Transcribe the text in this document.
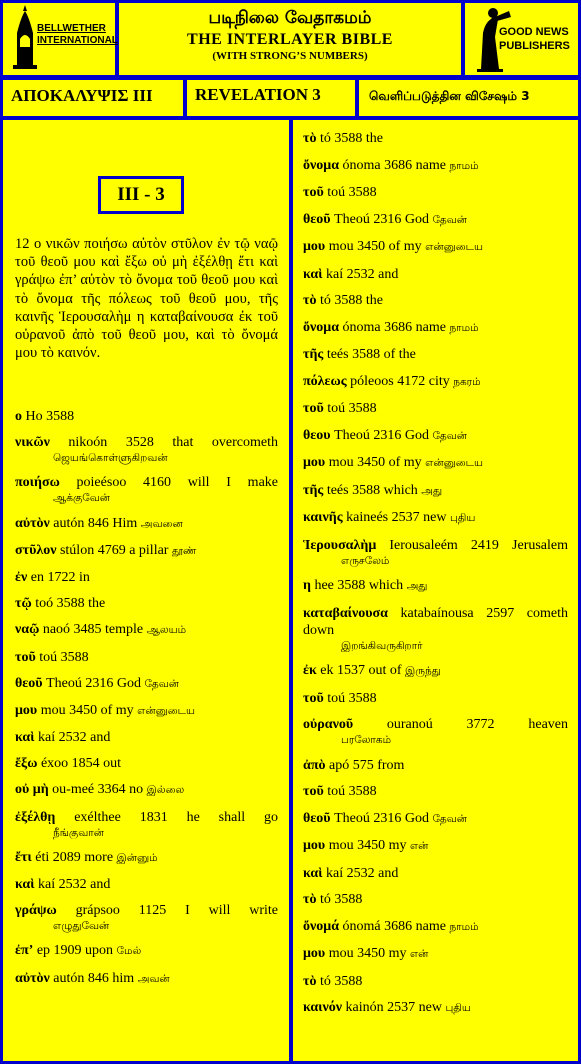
BELLWETHER INTERNATIONAL
படிநிலை வேதாகமம்
THE INTERLAYER BIBLE
(WITH STRONG’S NUMBERS)
GOOD NEWS PUBLISHERS
ΑΠΟΚΑΛΥΨΙΣ III	REVELATION 3	வெளிப்படுத்தின விசேஷம் 3
III - 3
12 ο νικῶν ποιήσω αὐτὸν στῦλον ἐν τῷ ναῷ τοῦ θεοῦ μου καὶ ἔξω οὐ μὴ ἐξέλθῃ ἔτι καὶ γράψω ἐπ’ αὐτὸν τὸ ὄνομα τοῦ θεοῦ μου καὶ τὸ ὄνομα τῆς πόλεως τοῦ θεοῦ μου, τῆς καινῆς Ἱερουσαλὴμ η καταβαίνουσα ἐκ τοῦ οὐρανοῦ ἀπὸ τοῦ θεοῦ μου, καὶ τὸ ὄνομά μου τὸ καινόν.
ο Ho 3588
νικῶν nikoón 3528 that overcometh
ஜெயங்கொள்ளுகிறவன்
ποιήσω poieésoo 4160 will I make
ஆக்குவேன்
αὐτὸν autón 846 Him அவனை
στῦλον stúlon 4769 a pillar தூண்
ἐν en 1722 in
τῷ toó 3588 the
ναῷ naoó 3485 temple ஆலயம்
τοῦ toú 3588
θεοῦ Theoú 2316 God தேவன்
μου mou 3450 of my என்னுடைய
καὶ kaí 2532 and
ἔξω éxoo 1854 out
οὐ μὴ ou-meé 3364 no இல்லை
ἐξέλθῃ exélthee 1831 he shall go
நீங்குவான்
ἔτι éti 2089 more இன்னும்
καὶ kaí 2532 and
γράψω grápsoo 1125 I will write
எழுதுவேன்
ἐπ’ ep 1909 upon மேல்
αὐτὸν autón 846 him அவன்
τὸ tó 3588 the
ὄνομα ónoma 3686 name நாமம்
τοῦ toú 3588
θεοῦ Theoú 2316 God தேவன்
μου mou 3450 of my என்னுடைய
καὶ kaí 2532 and
τὸ tó 3588 the
ὄνομα ónoma 3686 name நாமம்
τῆς teés 3588 of the
πόλεως póleoos 4172 city நகரம்
τοῦ toú 3588
θεου Theoú 2316 God தேவன்
μου mou 3450 of my என்னுடைய
τῆς teés 3588 which அது
καινῆς kaineés 2537 new புதிய
Ἱερουσαλὴμ Ierousaleém 2419 Jerusalem
எருசலேம்
η hee 3588 which அது
καταβαίνουσα katabaínousa 2597 cometh down
இறங்கிவருகிறார்
ἐκ ek 1537 out of இருந்து
τοῦ toú 3588
οὐρανοῦ ouranoú 3772 heaven
பரலோகம்
ἀπὸ apó 575 from
τοῦ toú 3588
θεοῦ Theoú 2316 God தேவன்
μου mou 3450 my என்
καὶ kaí 2532 and
τὸ tó 3588
ὄνομά ónomá 3686 name நாமம்
μου mou 3450 my என்
τὸ tó 3588
καινόν kainón 2537 new புதிய
